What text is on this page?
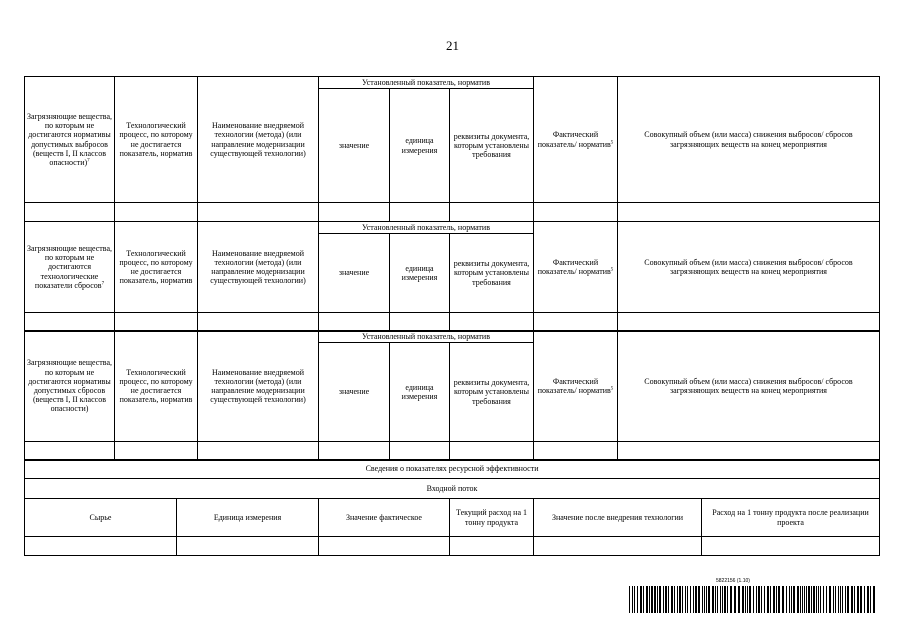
21
Загрязняющие вещества, по которым не достигаются нормативы допустимых выбросов (веществ I, II классов опасности)$^7$	Технологический процесс, по которому не достигается показатель, норматив	Наименование внедряемой технологии (метода) (или направление модернизации существующей технологии)	Установленный показатель, норматив			Фактический показатель/ норматив$^5$	Совокупный объем (или масса) снижения выбросов/ сбросов загрязняющих веществ на конец мероприятия
			значение	единица измерения	реквизиты документа, которым установлены требования		

Загрязняющие вещества, по которым не достигаются технологические показатели сбросов$^7$	Технологический процесс, по которому не достигается показатель, норматив	Наименование внедряемой технологии (метода) (или направление модернизации существующей технологии)	Установленный показатель, норматив			Фактический показатель/ норматив$^5$	Совокупный объем (или масса) снижения выбросов/ сбросов загрязняющих веществ на конец мероприятия
			значение	единица измерения	реквизиты документа, которым установлены требования		

Загрязняющие вещества, по которым не достигаются нормативы допустимых сбросов (веществ I, II классов опасности)	Технологический процесс, по которому не достигается показатель, норматив	Наименование внедряемой технологии (метода) (или направление модернизации существующей технологии)	Установленный показатель, норматив			Фактический показатель/ норматив$^5$	Совокупный объем (или масса) снижения выбросов/ сбросов загрязняющих веществ на конец мероприятия
			значение	единица измерения	реквизиты документа, которым установлены требования		

Сведения о показателях ресурсной эффективности					
Входной поток					
Сырье	Единица измерения	Значение фактическое	Текущий расход на 1 тонну продукта	Значение после внедрения технологии	Расход на 1 тонну продукта после реализации проекта

5822156 (1.10)
